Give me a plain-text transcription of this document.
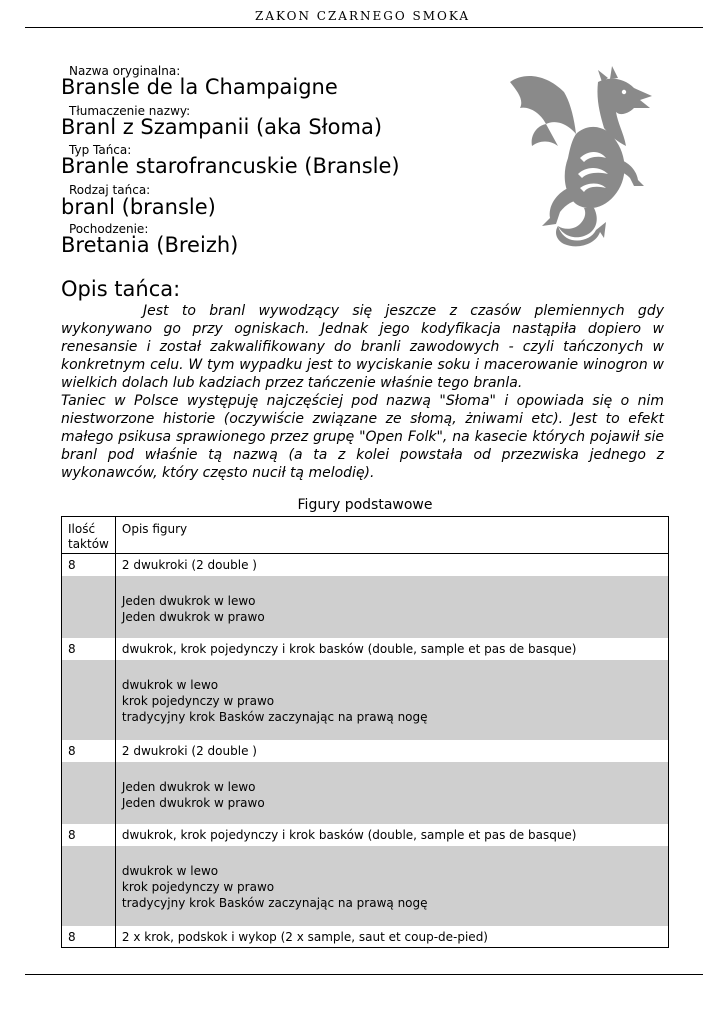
ZAKON CZARNEGO SMOKA
Nazwa oryginalna:
Bransle de la Champaigne
Tłumaczenie nazwy:
Branl z Szampanii (aka Słoma)
Typ Tańca:
Branle starofrancuskie (Bransle)
Rodzaj tańca:
branl (bransle)
Pochodzenie:
Bretania (Breizh)
Opis tańca:

Jest to branl wywodzący się jeszcze z czasów plemiennych gdy wykonywano go przy ogniskach. Jednak jego kodyfikacja nastąpiła dopiero w renesansie i został zakwalifikowany do branli zawodowych - czyli tańczonych w konkretnym celu. W tym wypadku jest to wyciskanie soku i macerowanie winogron w wielkich dolach lub kadziach przez tańczenie właśnie tego branla.

Taniec w Polsce występuję najczęściej pod nazwą "Słoma" i opowiada się o nim niestworzone historie (oczywiście związane ze słomą, żniwami etc). Jest to efekt małego psikusa sprawionego przez grupę "Open Folk", na kasecie których pojawił sie branl pod właśnie tą nazwą (a ta z kolei powstała od przezwiska jednego z wykonawców, który często nucił tą melodię).

Figury podstawowe
Ilość
taktów	Opis figury
8	2 dwukroki (2 double )

	Jeden dwukrok w lewo
Jeden dwukrok w prawo

8	dwukrok, krok pojedynczy i krok basków (double, sample et pas de basque)

	dwukrok w lewo
krok pojedynczy w prawo
tradycyjny krok Basków zaczynając na prawą nogę

8	2 dwukroki (2 double )

	Jeden dwukrok w lewo
Jeden dwukrok w prawo

8	dwukrok, krok pojedynczy i krok basków (double, sample et pas de basque)

	dwukrok w lewo
krok pojedynczy w prawo
tradycyjny krok Basków zaczynając na prawą nogę

8	2 x krok, podskok i wykop (2 x sample, saut et coup-de-pied)
